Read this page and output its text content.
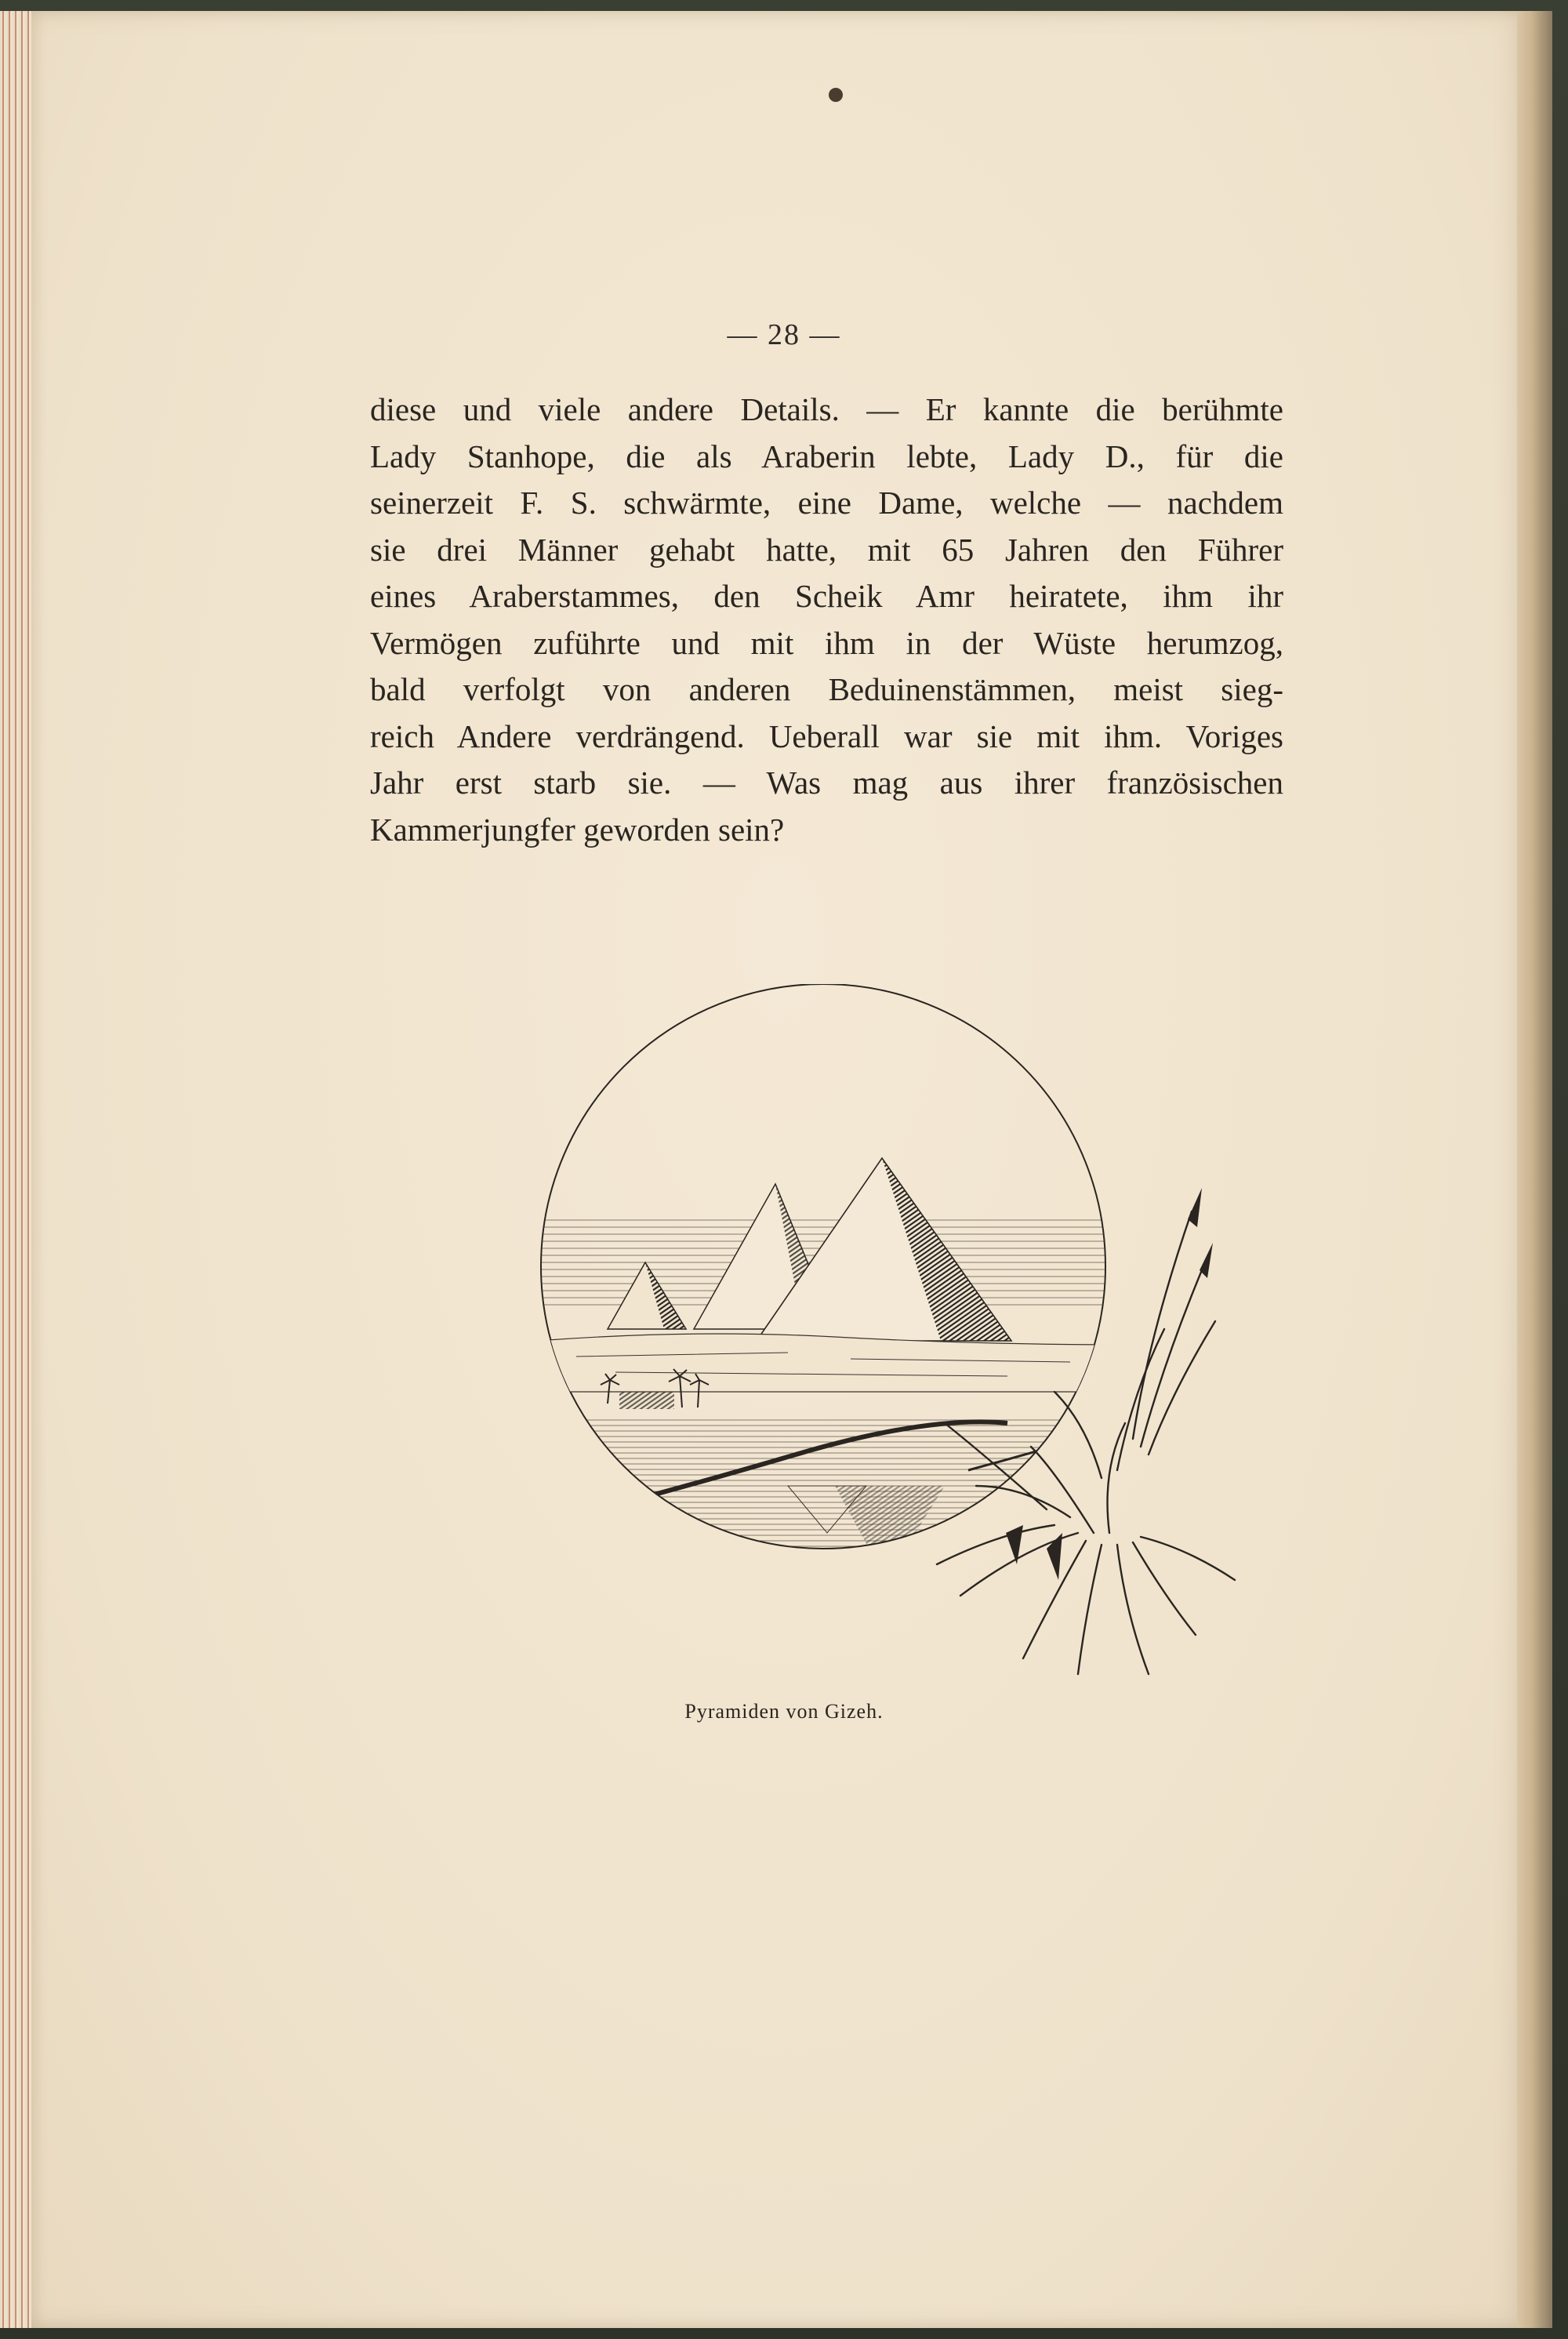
— 28 —

diese und viele andere Details. — Er kannte die berühmte
Lady Stanhope, die als Araberin lebte, Lady D., für die
seinerzeit F. S. schwärmte, eine Dame, welche — nachdem
sie drei Männer gehabt hatte, mit 65 Jahren den Führer
eines Araberstammes, den Scheik Amr heiratete, ihm ihr
Vermögen zuführte und mit ihm in der Wüste herumzog,
bald verfolgt von anderen Beduinenstämmen, meist sieg-
reich Andere verdrängend. Ueberall war sie mit ihm. Voriges
Jahr erst starb sie. — Was mag aus ihrer französischen
Kammerjungfer geworden sein?

Pyramiden von Gizeh.
